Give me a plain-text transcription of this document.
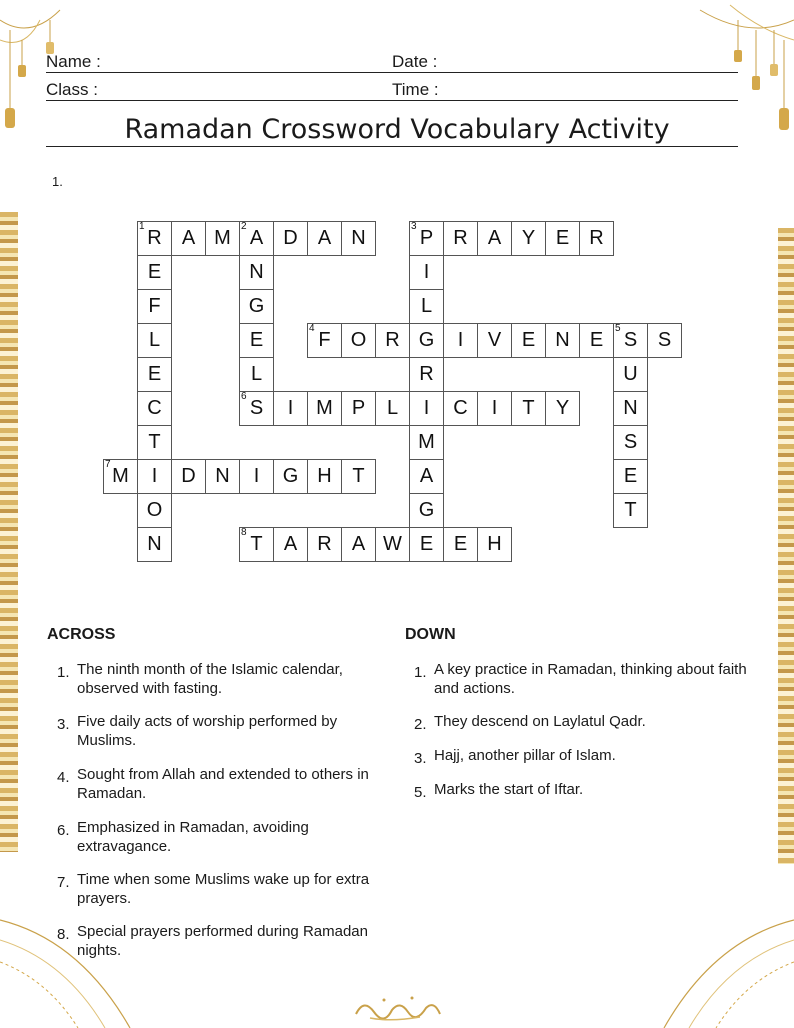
Name :	Date :
Class :	Time :
Ramadan Crossword Vocabulary Activity
1.
R	A M A	D	A	N	P	R	A	Y	E	R
F	O R G	I	V	E	N	E	S	S
S	I	M P	L	I	C	I	T	Y
M	I	D N	I	G H	T
T	A	R	A W E	E	H
E
F
L
E
C
T
O
N
N
G
E
L
I
L
R
M
A
G
U
N
S
E
T
1	3
4
6
7
8
2
5
ACROSS
1. The ninth month of the Islamic calendar, observed with fasting.
3. Five daily acts of worship performed by Muslims.
4. Sought from Allah and extended to others in Ramadan.
6. Emphasized in Ramadan, avoiding extravagance.
7. Time when some Muslims wake up for extra prayers.
8. Special prayers performed during Ramadan nights.
DOWN
1. A key practice in Ramadan, thinking about faith and actions.
2. They descend on Laylatul Qadr.
3. Hajj, another pillar of Islam.
5. Marks the start of Iftar.
